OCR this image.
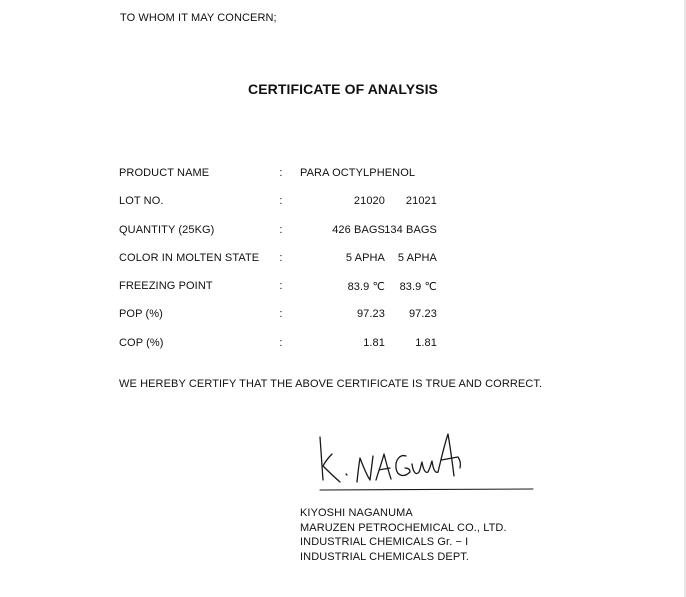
TO WHOM IT MAY CONCERN;
CERTIFICATE OF ANALYSIS
PRODUCT NAME	: PARA OCTYLPHENOL
LOT NO.	:	21020	21021
QUANTITY (25KG)	:	426 BAGS 134 BAGS
COLOR IN MOLTEN STATE :	5 APHA	5 APHA
FREEZING POINT	:	83.9 ℃	83.9 ℃
POP (%)	:	97.23	97.23
COP (%)	:	1.81	1.81
WE HEREBY CERTIFY THAT THE ABOVE CERTIFICATE IS TRUE AND CORRECT.
KIYOSHI NAGANUMA
MARUZEN PETROCHEMICAL CO., LTD.
INDUSTRIAL CHEMICALS Gr. − I
INDUSTRIAL CHEMICALS DEPT.
